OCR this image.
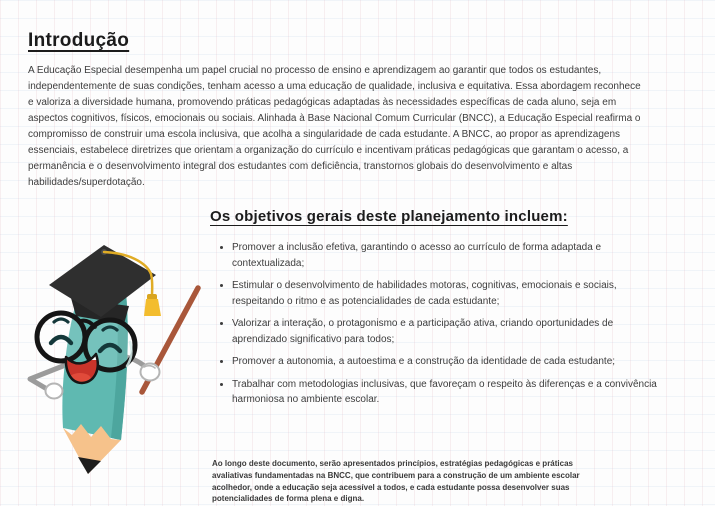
Introdução
A Educação Especial desempenha um papel crucial no processo de ensino e aprendizagem ao garantir que todos os estudantes, independentemente de suas condições, tenham acesso a uma educação de qualidade, inclusiva e equitativa. Essa abordagem reconhece e valoriza a diversidade humana, promovendo práticas pedagógicas adaptadas às necessidades específicas de cada aluno, seja em aspectos cognitivos, físicos, emocionais ou sociais. Alinhada à Base Nacional Comum Curricular (BNCC), a Educação Especial reafirma o compromisso de construir uma escola inclusiva, que acolha a singularidade de cada estudante. A BNCC, ao propor as aprendizagens essenciais, estabelece diretrizes que orientam a organização do currículo e incentivam práticas pedagógicas que garantam o acesso, a permanência e o desenvolvimento integral dos estudantes com deficiência, transtornos globais do desenvolvimento e altas habilidades/superdotação.
Os objetivos gerais deste planejamento incluem:
• Promover a inclusão efetiva, garantindo o acesso ao currículo de forma adaptada e contextualizada;
• Estimular o desenvolvimento de habilidades motoras, cognitivas, emocionais e sociais, respeitando o ritmo e as potencialidades de cada estudante;
• Valorizar a interação, o protagonismo e a participação ativa, criando oportunidades de aprendizado significativo para todos;
• Promover a autonomia, a autoestima e a construção da identidade de cada estudante;
• Trabalhar com metodologias inclusivas, que favoreçam o respeito às diferenças e a convivência harmoniosa no ambiente escolar.
Ao longo deste documento, serão apresentados princípios, estratégias pedagógicas e práticas avaliativas fundamentadas na BNCC, que contribuem para a construção de um ambiente escolar acolhedor, onde a educação seja acessível a todos, e cada estudante possa desenvolver suas potencialidades de forma plena e digna.
